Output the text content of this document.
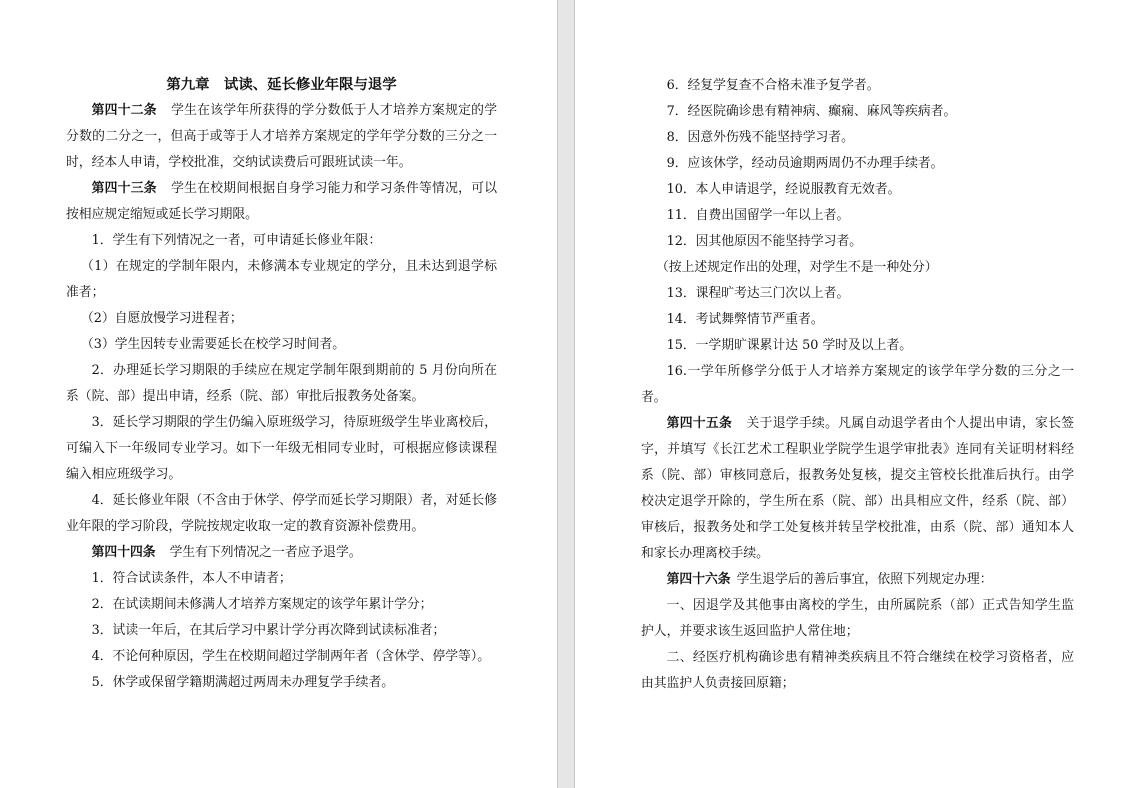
第九章　试读、延长修业年限与退学

第四十二条 学生在该学年所获得的学分数低于人才培养方案规定的学分数的二分之一，但高于或等于人才培养方案规定的学年学分数的三分之一时，经本人申请，学校批准，交纳试读费后可跟班试读一年。

第四十三条 学生在校期间根据自身学习能力和学习条件等情况，可以按相应规定缩短或延长学习期限。

1．学生有下列情况之一者，可申请延长修业年限：

（1）在规定的学制年限内，未修满本专业规定的学分，且未达到退学标准者；

（2）自愿放慢学习进程者；

（3）学生因转专业需要延长在校学习时间者。

2．办理延长学习期限的手续应在规定学制年限到期前的 5 月份向所在系（院、部）提出申请，经系（院、部）审批后报教务处备案。

3．延长学习期限的学生仍编入原班级学习，待原班级学生毕业离校后，可编入下一年级同专业学习。如下一年级无相同专业时，可根据应修读课程编入相应班级学习。

4．延长修业年限（不含由于休学、停学而延长学习期限）者，对延长修业年限的学习阶段，学院按规定收取一定的教育资源补偿费用。

第四十四条 学生有下列情况之一者应予退学。

1．符合试读条件，本人不申请者；

2．在试读期间未修满人才培养方案规定的该学年累计学分；

3．试读一年后，在其后学习中累计学分再次降到试读标准者；

4．不论何种原因，学生在校期间超过学制两年者（含休学、停学等）。

5．休学或保留学籍期满超过两周未办理复学手续者。

6．经复学复查不合格未准予复学者。

7．经医院确诊患有精神病、癫痫、麻风等疾病者。

8．因意外伤残不能坚持学习者。

9．应该休学，经动员逾期两周仍不办理手续者。

10．本人申请退学，经说服教育无效者。

11．自费出国留学一年以上者。

12．因其他原因不能坚持学习者。

（按上述规定作出的处理，对学生不是一种处分）

13．课程旷考达三门次以上者。

14．考试舞弊情节严重者。

15．一学期旷课累计达 50 学时及以上者。

16.一学年所修学分低于人才培养方案规定的该学年学分数的三分之一者。

第四十五条 关于退学手续。凡属自动退学者由个人提出申请，家长签字，并填写《长江艺术工程职业学院学生退学审批表》连同有关证明材料经系（院、部）审核同意后，报教务处复核，提交主管校长批准后执行。由学校决定退学开除的，学生所在系（院、部）出具相应文件，经系（院、部）审核后，报教务处和学工处复核并转呈学校批准，由系（院、部）通知本人和家长办理离校手续。

第四十六条 学生退学后的善后事宜，依照下列规定办理：

一、因退学及其他事由离校的学生，由所属院系（部）正式告知学生监护人，并要求该生返回监护人常住地；

二、经医疗机构确诊患有精神类疾病且不符合继续在校学习资格者，应由其监护人负责接回原籍；
